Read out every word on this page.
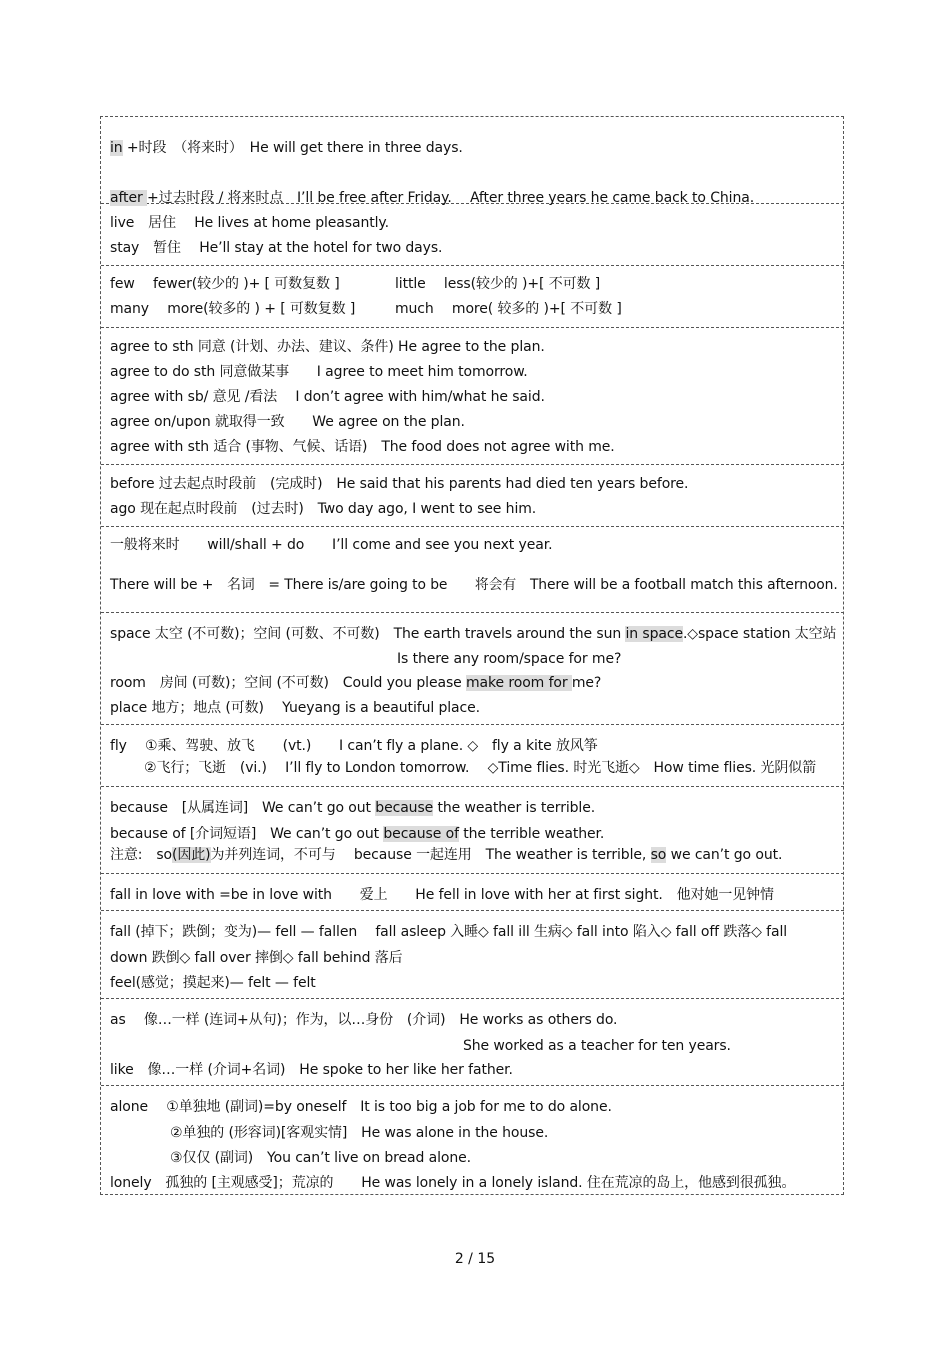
in +时段　（将来时）　He will get there in three days.
after +过去时段 / 将来时点　I’ll be free after Friday.　 After three years he came back to China.
live　居住　 He lives at home pleasantly.
stay　暂住　 He’ll stay at the hotel for two days.
few　 fewer(较少的 )+ [ 可数复数 ]	little　 less(较少的 )+[ 不可数 ]
many　 more(较多的 ) + [ 可数复数 ]	much　 more( 较多的 )+[ 不可数 ]
agree to sth 同意 (计划、办法、建议、条件) He agree to the plan.
agree to do sth 同意做某事　　I agree to meet him tomorrow.
agree with sb/ 意见 /看法　 I don’t agree with him/what he said.
agree on/upon 就取得一致　　We agree on the plan.
agree with sth 适合 (事物、气候、话语)　The food does not agree with me.
before 过去起点时段前　(完成时)　He said that his parents had died ten years before.
ago 现在起点时段前　(过去时)　Two day ago, I went to see him.
一般将来时　　will/shall + do　　I’ll come and see you next year.
There will be +　名词　= There is/are going to be　　将会有　There will be a football match this afternoon.
space 太空 (不可数)；空间 (可数、不可数)　The earth travels around the sun in space.◇space station 太空站
Is there any room/space for me?
room　房间 (可数)；空间 (不可数)　Could you please make room for me?
place 地方；地点 (可数)　 Yueyang is a beautiful place.
fly　 ①乘、驾驶、放飞　　(vt.)　　I can’t fly a plane. ◇　fly a kite 放风筝
②飞行；飞逝　(vi.)　 I’ll fly to London tomorrow.　 ◇Time flies. 时光飞逝◇　How time flies. 光阴似箭
because　[从属连词]　We can’t go out because the weather is terrible.
because of [介词短语]　We can’t go out because of the terrible weather.
注意:　so(因此)为并列连词，不可与　 because 一起连用　The weather is terrible, so we can’t go out.
fall in love with =be in love with　　爱上　　He fell in love with her at first sight.　他对她一见钟情
fall (掉下；跌倒；变为)— fell — fallen　 fall asleep 入睡◇ fall ill 生病◇ fall into 陷入◇ fall off 跌落◇ fall
down 跌倒◇ fall over 摔倒◇ fall behind 落后
feel(感觉；摸起来)— felt — felt
as　 像…一样 (连词+从句)；作为，以…身份　(介词)　He works as others do.
She worked as a teacher for ten years.
like　像…一样 (介词+名词)　He spoke to her like her father.
alone　 ①单独地 (副词)=by oneself　It is too big a job for me to do alone.
②单独的 (形容词)[客观实情]　He was alone in the house.
③仅仅 (副词)　You can’t live on bread alone.
lonely　孤独的 [主观感受]；荒凉的　　He was lonely in a lonely island. 住在荒凉的岛上，他感到很孤独。
2 / 15
